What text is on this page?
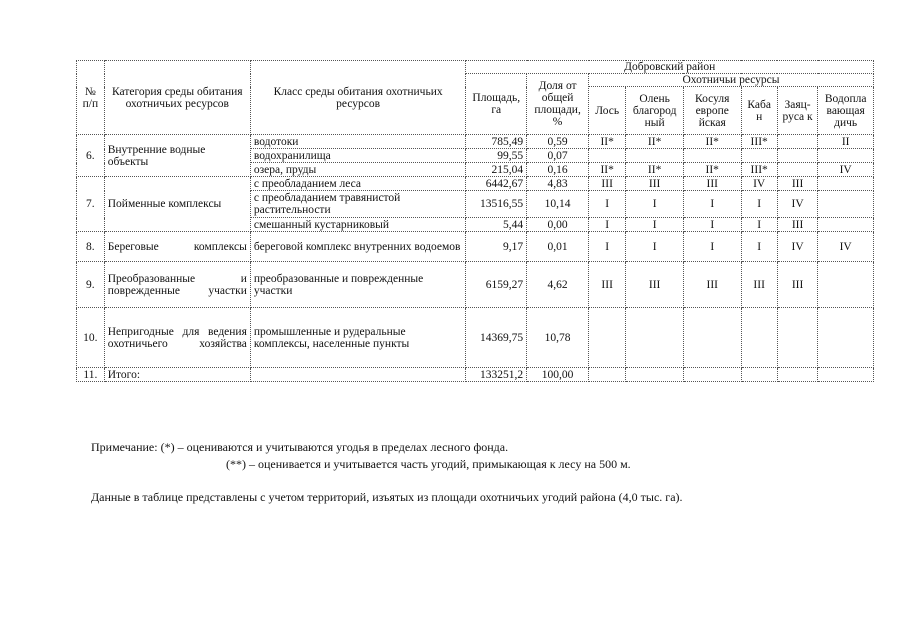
№ п/п	Категория среды обитания охотничьих ресурсов	Класс среды обитания охотничьих ресурсов	Добровский район							
			Площадь, га	Доля от общей площади, %	Охотничьи ресурсы					
					Лось	Олень благород ный	Косуля европе йская	Каба н	Заяц-руса к	Водопла вающая дичь
6.	Внутренние водные объекты	водотоки	785,49	0,59	II*	II*	II*	III*		II
		водохранилища	99,55	0,07						
		озера, пруды	215,04	0,16	II*	II*	II*	III*		IV
7.	Пойменные комплексы	с преобладанием леса	6442,67	4,83	III	III	III	IV	III	
		с преобладанием травянистой растительности	13516,55	10,14	I	I	I	I	IV	
		смешанный кустарниковый	5,44	0,00	I	I	I	I	III	
8.	Береговые комплексы	береговой комплекс внутренних водоемов	9,17	0,01	I	I	I	I	IV	IV
9.	Преобразованные и поврежденные участки	преобразованные и поврежденные участки	6159,27	4,62	III	III	III	III	III	
10.	Непригодные для ведения охотничьего хозяйства	промышленные и рудеральные комплексы, населенные пункты	14369,75	10,78						
11.	Итого:		133251,2	100,00						
Примечание: (*) – оцениваются и учитываются угодья в пределах лесного фонда.
(**) – оценивается и учитывается часть угодий, примыкающая к лесу на 500 м.
Данные в таблице представлены с учетом территорий, изъятых из площади охотничьих угодий района (4,0 тыс. га).
